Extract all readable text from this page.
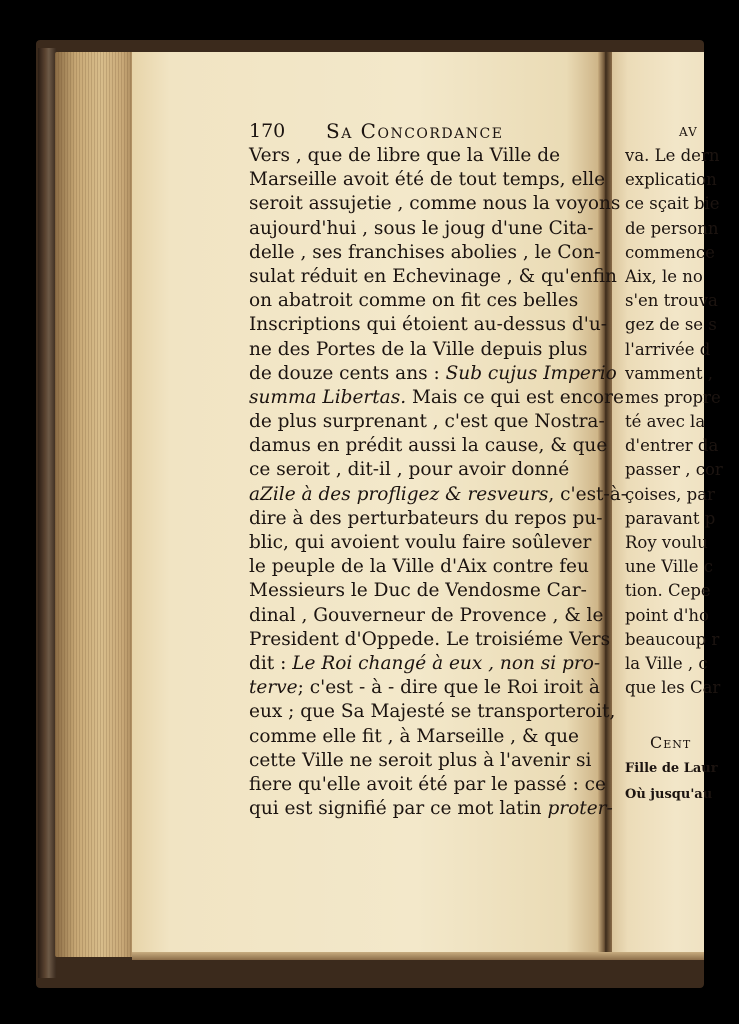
170 Sa Concordance
Vers , que de libre que la Ville de
Marseille avoit été de tout temps, elle
seroit assujetie , comme nous la voyons
aujourd'hui , sous le joug d'une Cita-
delle , ses franchises abolies , le Con-
sulat réduit en Echevinage , & qu'enfin
on abatroit comme on fit ces belles
Inscriptions qui étoient au-dessus d'u-
ne des Portes de la Ville depuis plus
de douze cents ans : Sub cujus Imperio
summa Libertas. Mais ce qui est encore
de plus surprenant , c'est que Nostra-
damus en prédit aussi la cause, & que
ce seroit , dit-il , pour avoir donné
aZile à des profligez & resveurs, c'est-à-
dire à des perturbateurs du repos pu-
blic, qui avoient voulu faire soûlever
le peuple de la Ville d'Aix contre feu
Messieurs le Duc de Vendosme Car-
dinal , Gouverneur de Provence , & le
President d'Oppede. Le troisiéme Vers
dit : Le Roi changé à eux , non si pro-
terve; c'est - à - dire que le Roi iroit à
eux ; que Sa Majesté se transporteroit,
comme elle fit , à Marseille , & que
cette Ville ne seroit plus à l'avenir si
fiere qu'elle avoit été par le passé : ce
qui est signifié par ce mot latin proter-
av
va. Le dern
explication
ce sçait bie
de personn
commence
Aix, le no
s'en trouva
gez de se s
l'arrivée d
vamment ,
mes propre
té avec la
d'entrer da
passer , cor
çoises, par
paravant p
Roy voulu
une Ville c
tion. Cepe
point d'ho
beaucoup r
la Ville , c
que les Car
Cent
Fille de Laur
Où jusqu'au
